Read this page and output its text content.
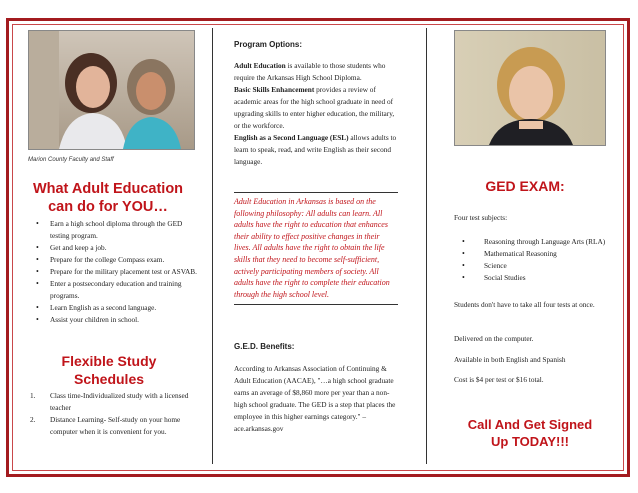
Marion County Faculty and Staff
What Adult Education
can do for YOU…
• Earn a high school diploma through the GED testing program.
• Get and keep a job.
• Prepare for the college Compass exam.
• Prepare for the military placement test or ASVAB.
• Enter a postsecondary education and training programs.
• Learn English as a second language.
• Assist your children in school.
Flexible Study
Schedules
1. Class time-Individualized study with a licensed teacher
2. Distance Learning- Self-study on your home computer when it is convenient for you.
Program Options:
Adult Education is available to those students who require the Arkansas High School Diploma.
Basic Skills Enhancement provides a review of academic areas for the high school graduate in need of upgrading skills to enter higher education, the military, or the workforce.
English as a Second Language (ESL) allows adults to learn to speak, read, and write English as their second language.
Adult Education in Arkansas is based on the following philosophy: All adults can learn. All adults have the right to education that enhances their ability to effect positive changes in their lives. All adults have the right to obtain the life skills that they need to become self-sufficient, actively participating members of society. All adults have the right to complete their education through the high school level.
G.E.D. Benefits:
According to Arkansas Association of Continuing & Adult Education (AACAE), "…a high school graduate earns an average of $8,860 more per year than a non-high school graduate. The GED is a step that places the employee in this higher earnings category." – ace.arkansas.gov
GED EXAM:
Four test subjects:
• Reasoning through Language Arts (RLA)
• Mathematical Reasoning
• Science
• Social Studies
Students don't have to take all four tests at once.
Delivered on the computer.
Available in both English and Spanish
Cost is $4 per test or $16 total.
Call And Get Signed
Up TODAY!!!
